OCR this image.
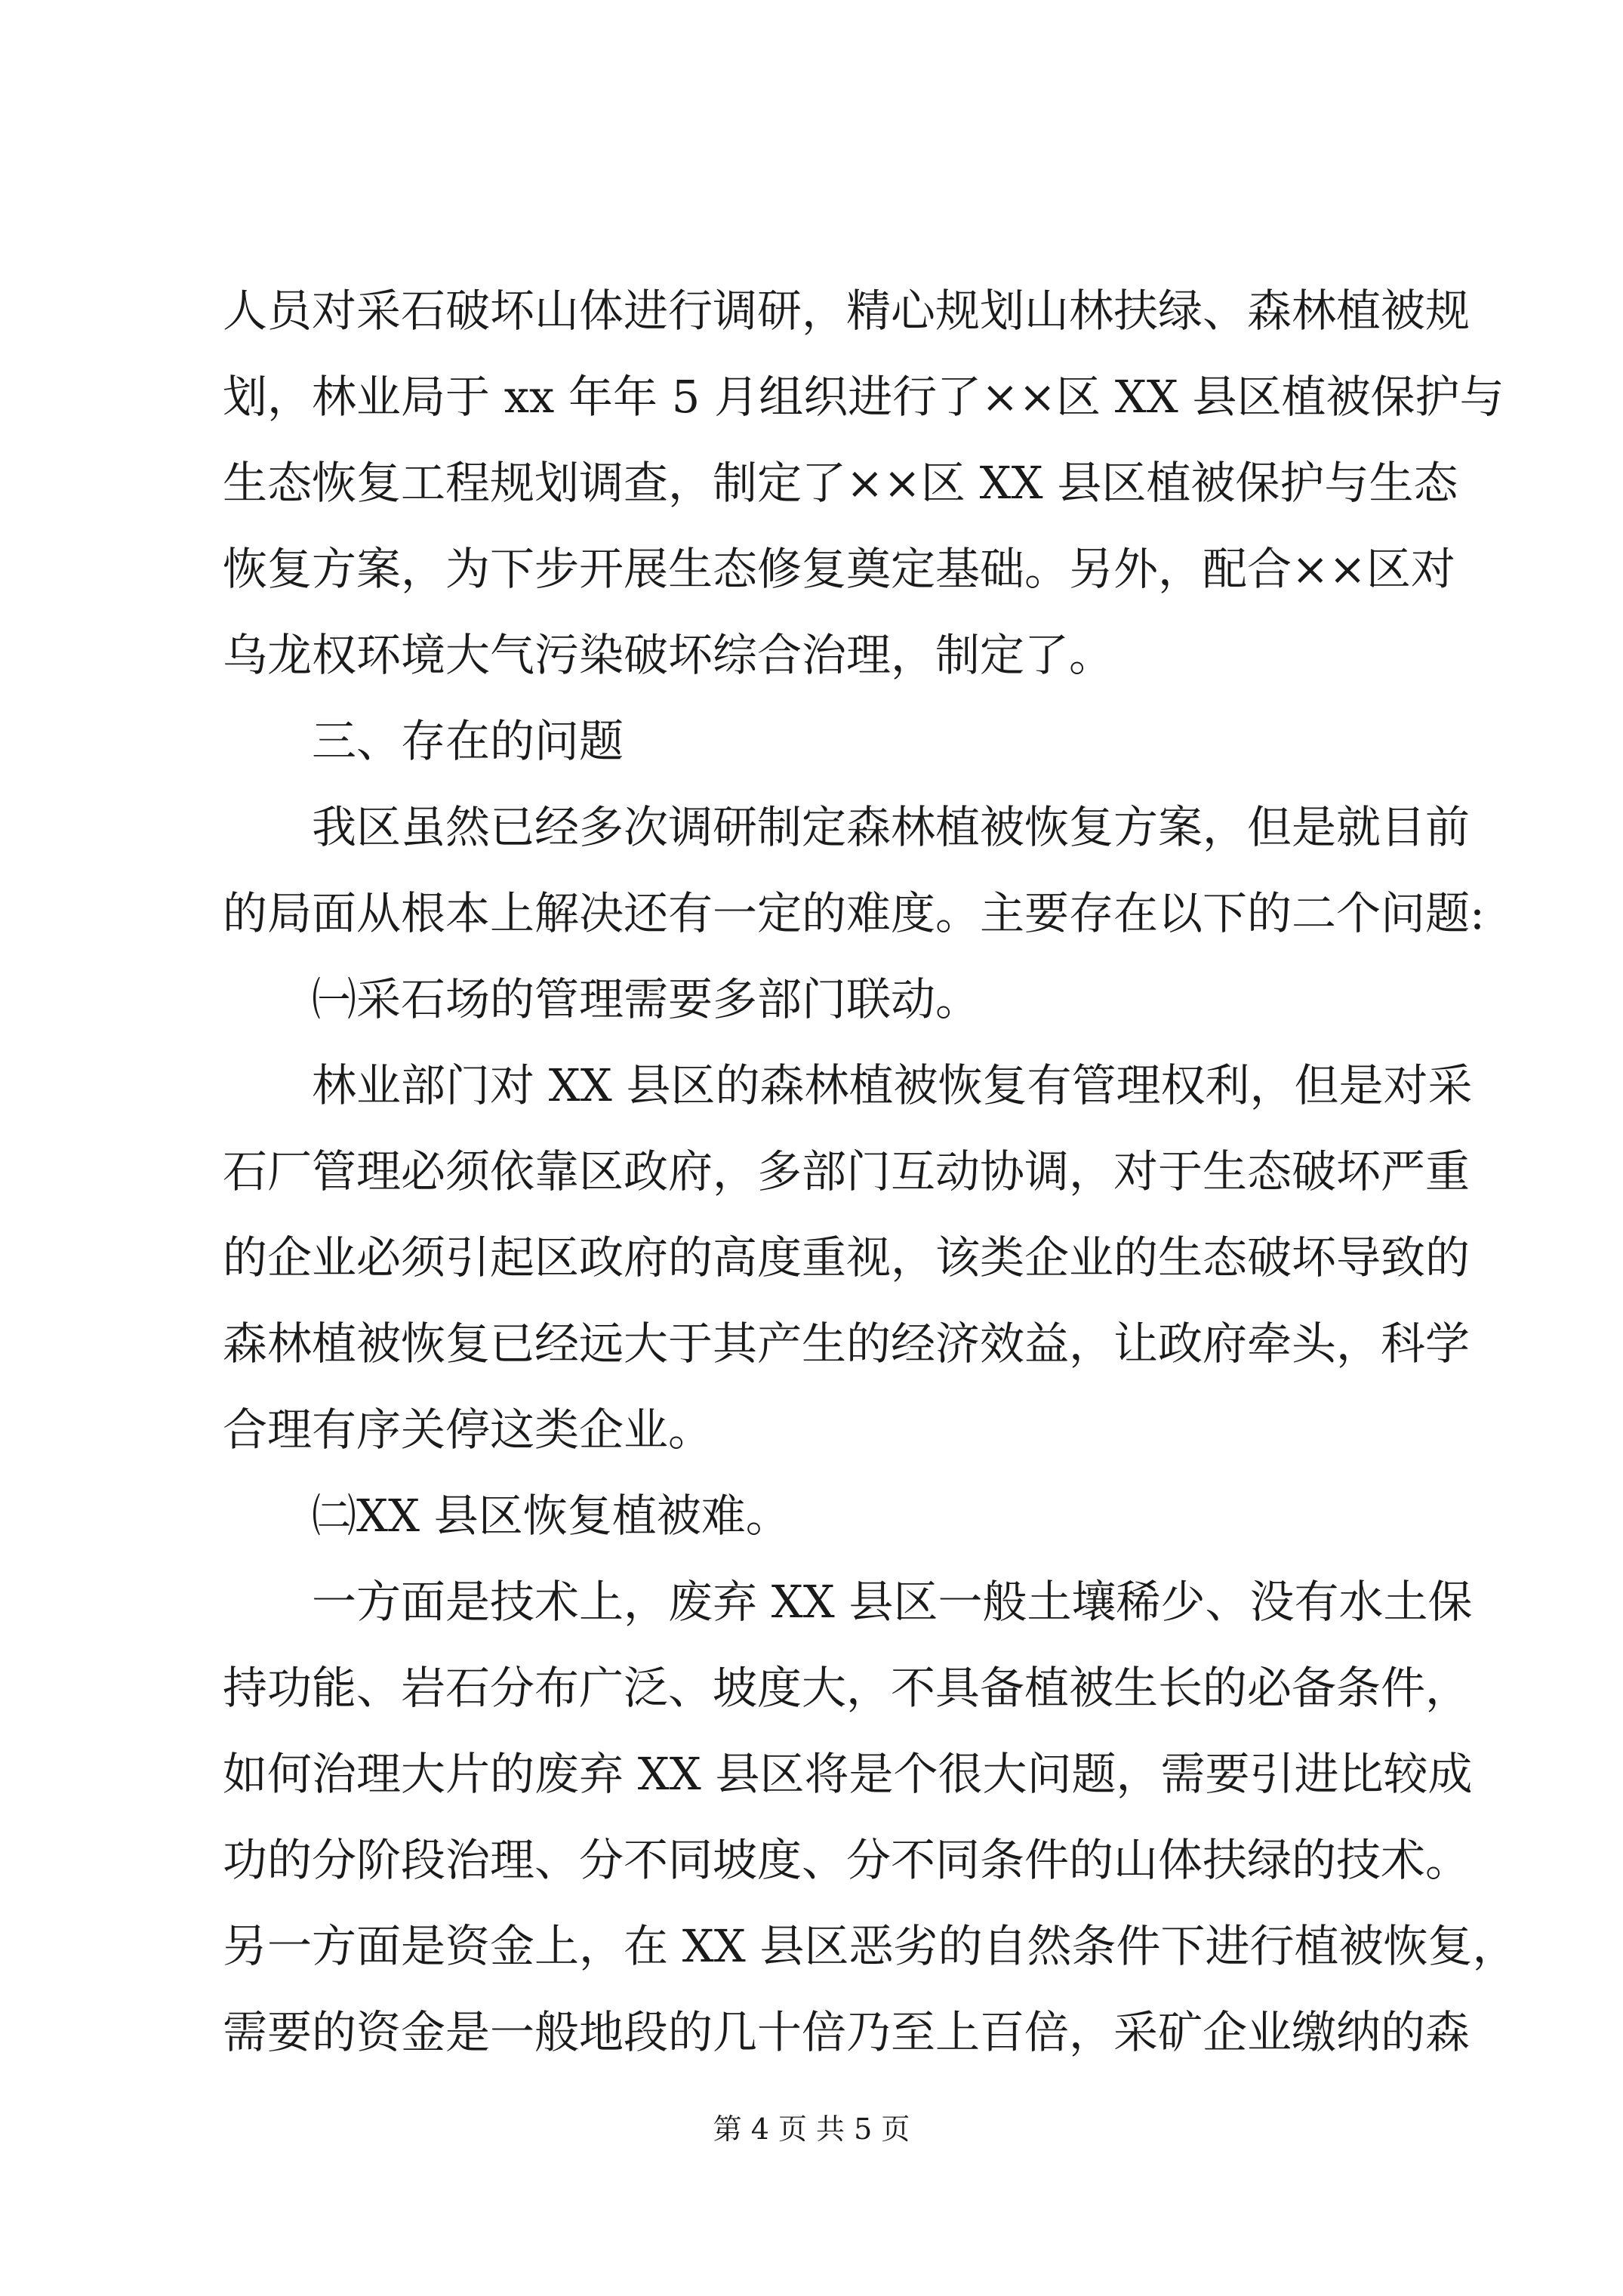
人员对采石破坏山体进行调研，精心规划山林扶绿、森林植被规
划，林业局于 xx 年年 5 月组织进行了××区 XX 县区植被保护与
生态恢复工程规划调查，制定了××区 XX 县区植被保护与生态
恢复方案，为下步开展生态修复奠定基础。另外，配合××区对
乌龙权环境大气污染破坏综合治理，制定了。
三、存在的问题
我区虽然已经多次调研制定森林植被恢复方案，但是就目前
的局面从根本上解决还有一定的难度。主要存在以下的二个问题:
㈠采石场的管理需要多部门联动。
林业部门对 XX 县区的森林植被恢复有管理权利，但是对采
石厂管理必须依靠区政府，多部门互动协调，对于生态破坏严重
的企业必须引起区政府的高度重视，该类企业的生态破坏导致的
森林植被恢复已经远大于其产生的经济效益，让政府牵头，科学
合理有序关停这类企业。
㈡XX 县区恢复植被难。
一方面是技术上，废弃 XX 县区一般土壤稀少、没有水土保
持功能、岩石分布广泛、坡度大，不具备植被生长的必备条件，
如何治理大片的废弃 XX 县区将是个很大问题，需要引进比较成
功的分阶段治理、分不同坡度、分不同条件的山体扶绿的技术。
另一方面是资金上，在 XX 县区恶劣的自然条件下进行植被恢复，
需要的资金是一般地段的几十倍乃至上百倍，采矿企业缴纳的森
第 4 页 共 5 页
